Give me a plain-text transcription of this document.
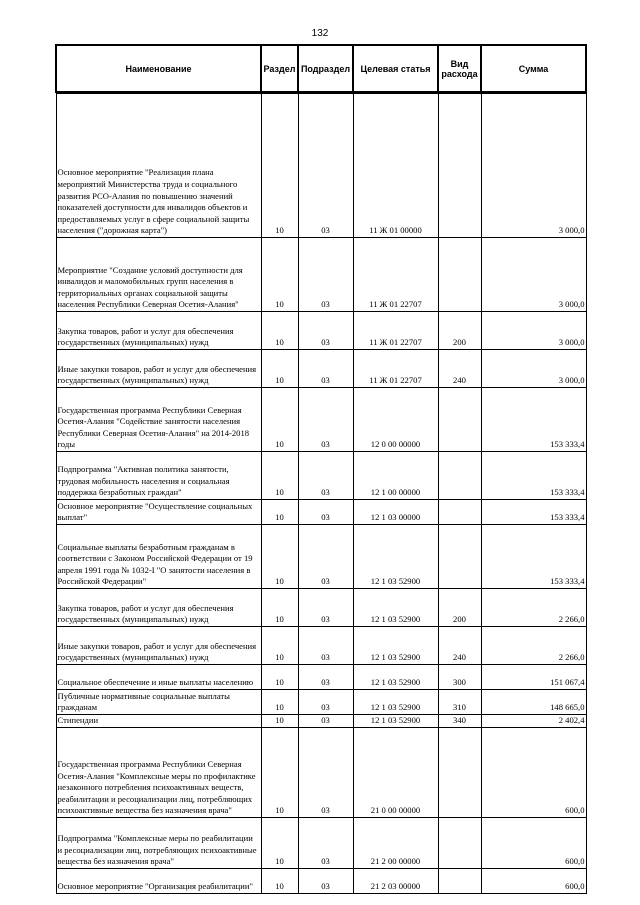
132
Наименование	Раздел	Подраздел	Целевая статья	Вид расхода	Сумма

Основное мероприятие "Реализация плана мероприятий Министерства труда и социального развития РСО-Алания по повышению значений показателей доступности для инвалидов объектов и предоставляемых услуг в сфере социальной защиты населения ("дорожная карта")	10	03	11 Ж 01 00000		3 000,0
Мероприятие "Создание условий доступности для инвалидов и маломобильных групп населения в территориальных органах социальной защиты населения Республики Северная Осетия-Алания"	10	03	11 Ж 01 22707		3 000,0
Закупка товаров, работ и услуг для обеспечения государственных (муниципальных) нужд	10	03	11 Ж 01 22707	200	3 000,0
Иные закупки товаров, работ и услуг для обеспечения государственных (муниципальных) нужд	10	03	11 Ж 01 22707	240	3 000,0
Государственная программа Республики Северная Осетия-Алания "Содействие занятости населения Республики Северная Осетия-Алания" на 2014-2018 годы	10	03	12 0 00 00000		153 333,4
Подпрограмма "Активная политика занятости, трудовая мобильность населения и социальная поддержка безработных граждан"	10	03	12 1 00 00000		153 333,4
Основное мероприятие "Осуществление социальных выплат"	10	03	12 1 03 00000		153 333,4
Социальные выплаты безработным гражданам в соответствии с Законом Российской Федерации от 19 апреля 1991 года № 1032-I "О занятости населения в Российской Федерации"	10	03	12 1 03 52900		153 333,4
Закупка товаров, работ и услуг для обеспечения государственных (муниципальных) нужд	10	03	12 1 03 52900	200	2 266,0
Иные закупки товаров, работ и услуг для обеспечения государственных (муниципальных) нужд	10	03	12 1 03 52900	240	2 266,0
Социальное обеспечение и иные выплаты населению	10	03	12 1 03 52900	300	151 067,4
Публичные нормативные социальные выплаты гражданам	10	03	12 1 03 52900	310	148 665,0
Стипендии	10	03	12 1 03 52900	340	2 402,4
Государственная программа Республики Северная Осетия-Алания "Комплексные меры по профилактике незаконного потребления психоактивных веществ, реабилитации и ресоциализации лиц, потребляющих психоактивные вещества без назначения врача"	10	03	21 0 00 00000		600,0
Подпрограмма "Комплексные меры по реабилитации и ресоциализации лиц, потребляющих психоактивные вещества без назначения врача"	10	03	21 2 00 00000		600,0
Основное мероприятие "Организация реабилитации"	10	03	21 2 03 00000		600,0
